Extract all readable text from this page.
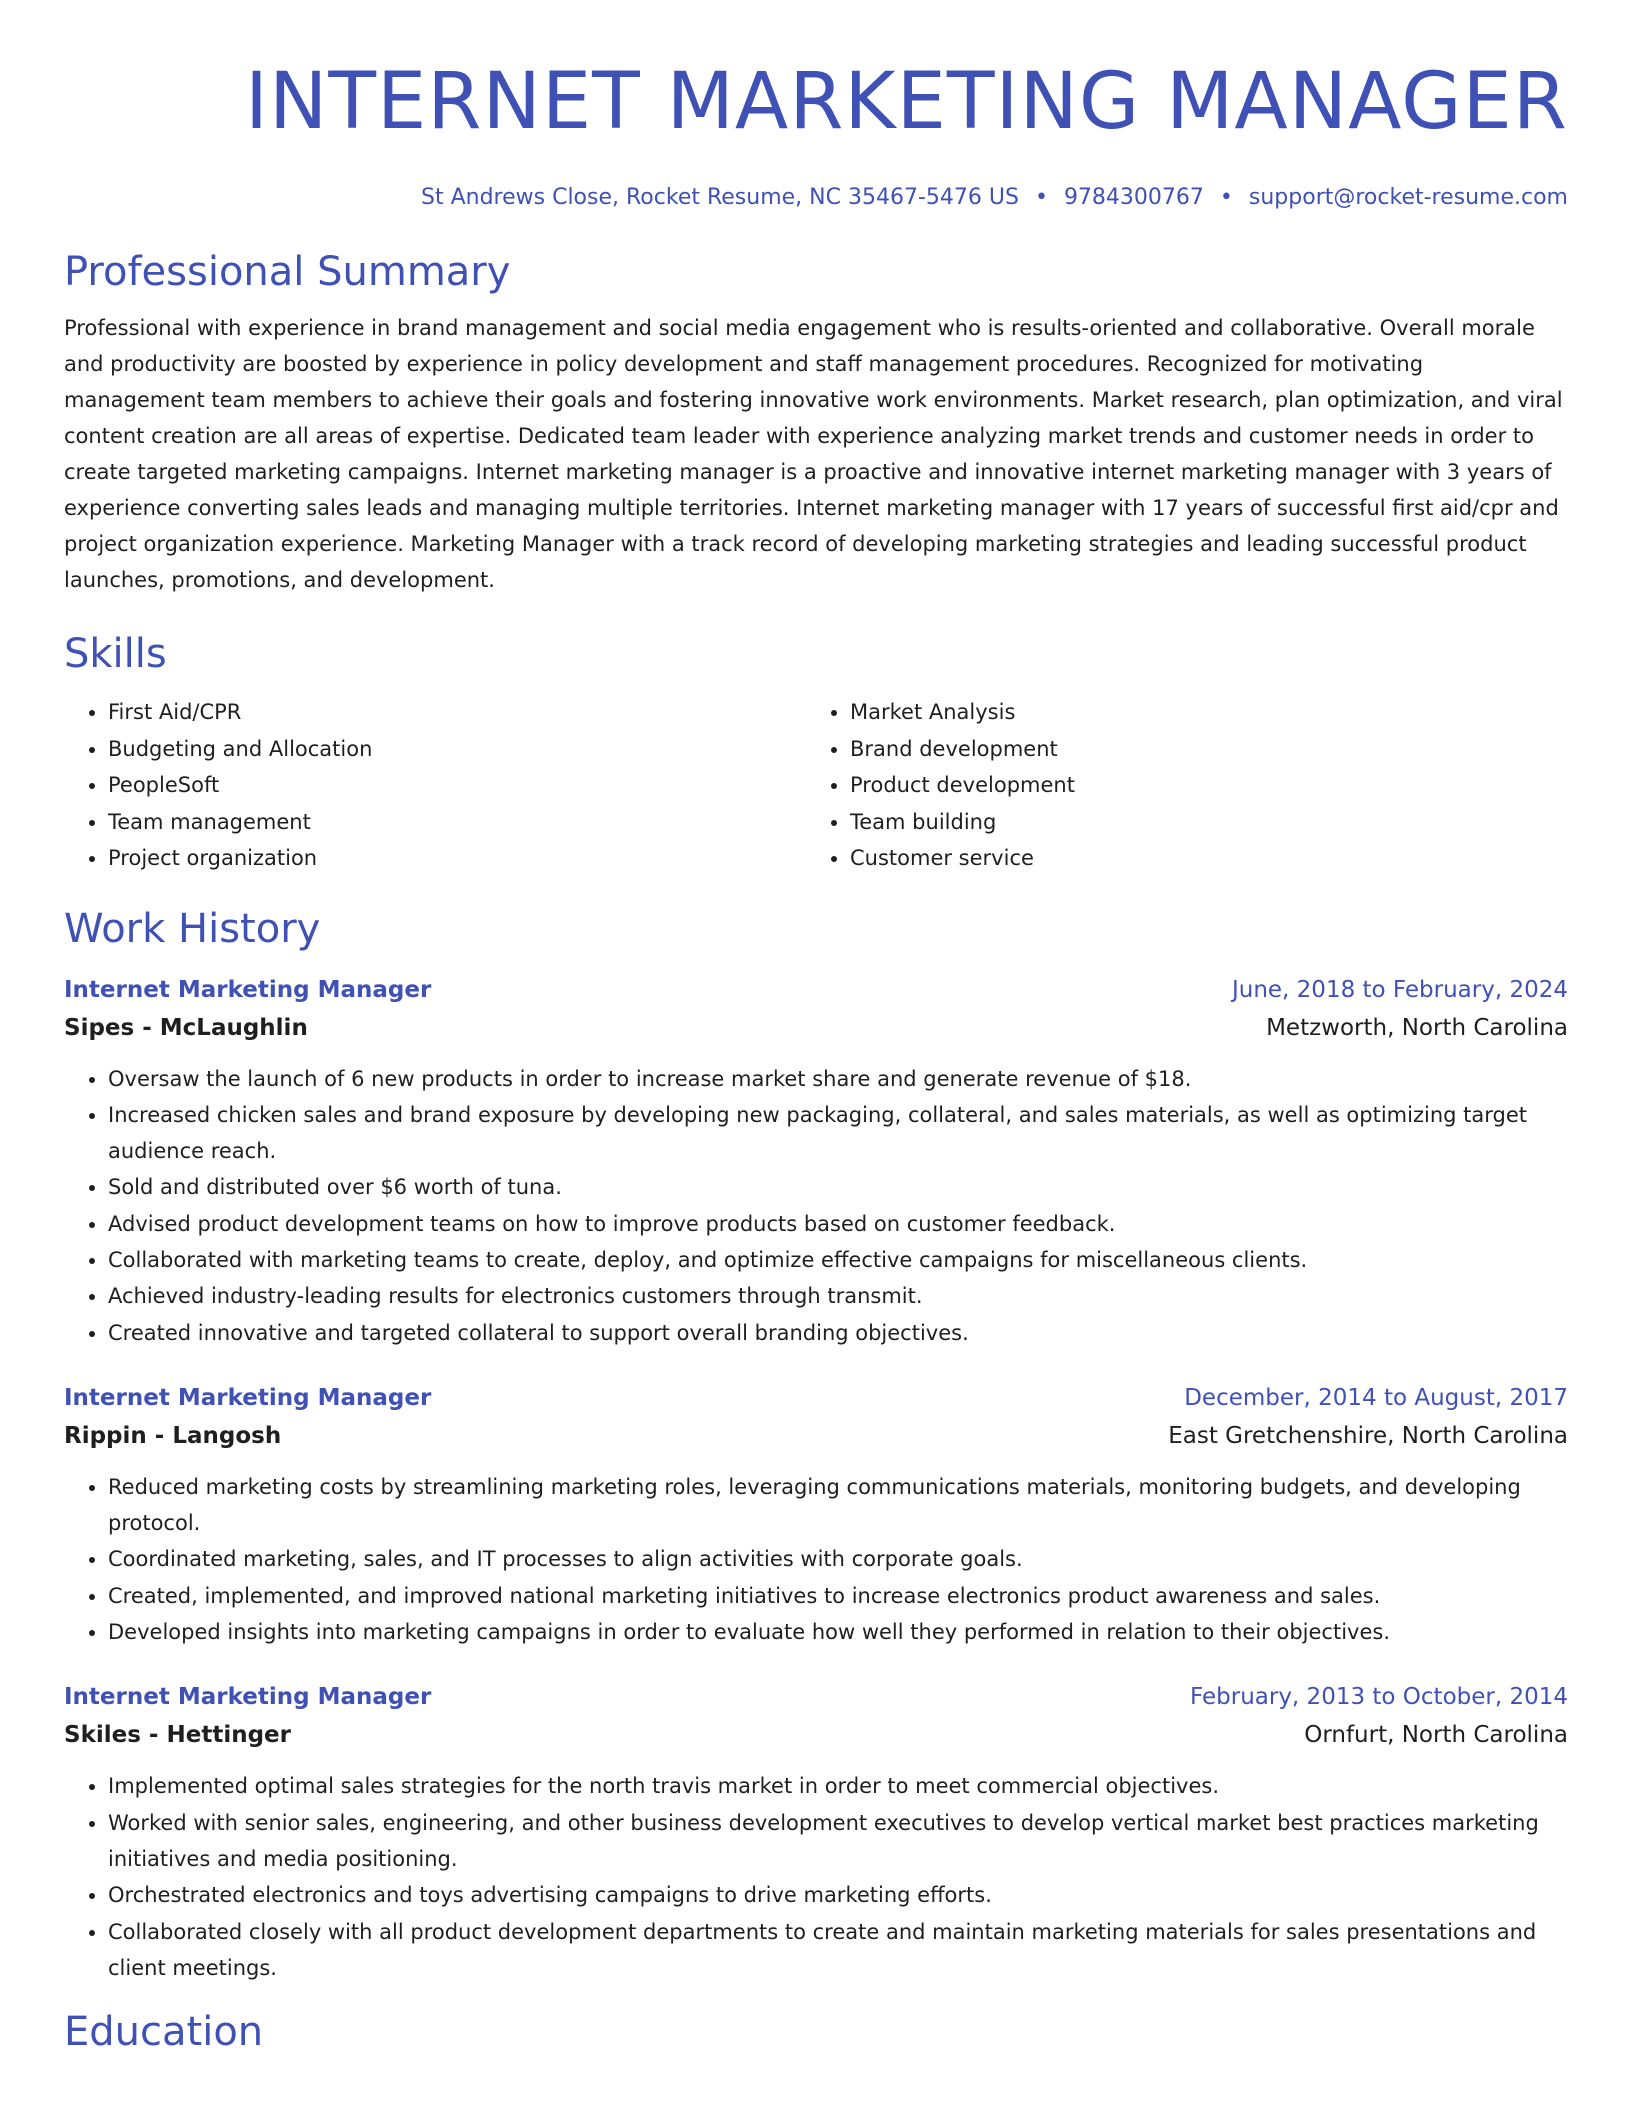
INTERNET MARKETING MANAGER
St Andrews Close, Rocket Resume, NC 35467-5476 US • 9784300767 • support@rocket-resume.com
Professional Summary

Professional with experience in brand management and social media engagement who is results-oriented and collaborative. Overall morale and productivity are boosted by experience in policy development and staff management procedures. Recognized for motivating management team members to achieve their goals and fostering innovative work environments. Market research, plan optimization, and viral content creation are all areas of expertise. Dedicated team leader with experience analyzing market trends and customer needs in order to create targeted marketing campaigns. Internet marketing manager is a proactive and innovative internet marketing manager with 3 years of experience converting sales leads and managing multiple territories. Internet marketing manager with 17 years of successful first aid/cpr and project organization experience. Marketing Manager with a track record of developing marketing strategies and leading successful product launches, promotions, and development.

Skills
• First Aid/CPR
• Budgeting and Allocation
• PeopleSoft
• Team management
• Project organization
• Market Analysis
• Brand development
• Product development
• Team building
• Customer service
Work History
Internet Marketing Manager	June, 2018 to February, 2024
Sipes - McLaughlin	Metzworth, North Carolina
• Oversaw the launch of 6 new products in order to increase market share and generate revenue of $18.
• Increased chicken sales and brand exposure by developing new packaging, collateral, and sales materials, as well as optimizing target audience reach.
• Sold and distributed over $6 worth of tuna.
• Advised product development teams on how to improve products based on customer feedback.
• Collaborated with marketing teams to create, deploy, and optimize effective campaigns for miscellaneous clients.
• Achieved industry-leading results for electronics customers through transmit.
• Created innovative and targeted collateral to support overall branding objectives.
Internet Marketing Manager	December, 2014 to August, 2017
Rippin - Langosh	East Gretchenshire, North Carolina
• Reduced marketing costs by streamlining marketing roles, leveraging communications materials, monitoring budgets, and developing protocol.
• Coordinated marketing, sales, and IT processes to align activities with corporate goals.
• Created, implemented, and improved national marketing initiatives to increase electronics product awareness and sales.
• Developed insights into marketing campaigns in order to evaluate how well they performed in relation to their objectives.
Internet Marketing Manager	February, 2013 to October, 2014
Skiles - Hettinger	Ornfurt, North Carolina
• Implemented optimal sales strategies for the north travis market in order to meet commercial objectives.
• Worked with senior sales, engineering, and other business development executives to develop vertical market best practices marketing initiatives and media positioning.
• Orchestrated electronics and toys advertising campaigns to drive marketing efforts.
• Collaborated closely with all product development departments to create and maintain marketing materials for sales presentations and client meetings.
Education
